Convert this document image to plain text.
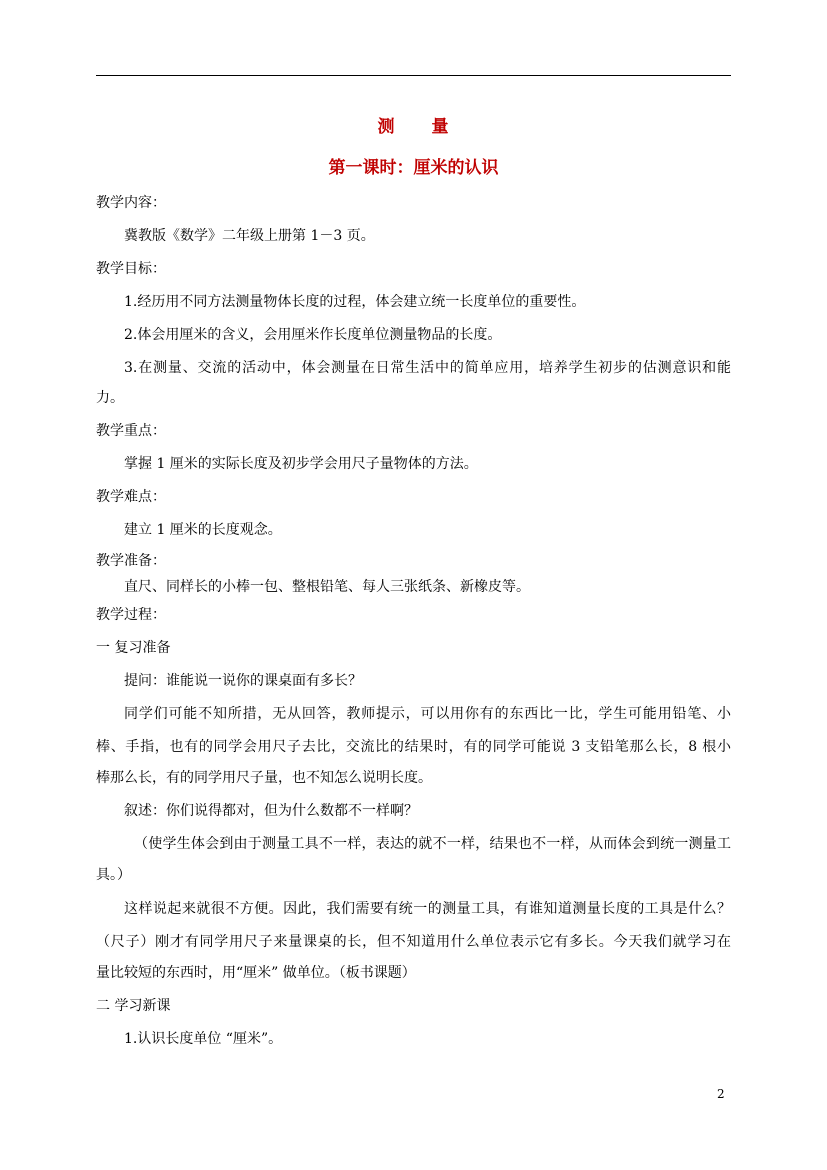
测　　量
第一课时：厘米的认识
教学内容：
冀教版《数学》二年级上册第 1－3 页。
教学目标：
1.经历用不同方法测量物体长度的过程，体会建立统一长度单位的重要性。
2.体会用厘米的含义，会用厘米作长度单位测量物品的长度。
3.在测量、交流的活动中，体会测量在日常生活中的简单应用，培养学生初步的估测意识和能
力。
教学重点：
掌握 1 厘米的实际长度及初步学会用尺子量物体的方法。
教学难点：
建立 1 厘米的长度观念。
教学准备：
直尺、同样长的小棒一包、整根铅笔、每人三张纸条、新橡皮等。
教学过程：
一 复习准备
提问：谁能说一说你的课桌面有多长？
同学们可能不知所措，无从回答，教师提示，可以用你有的东西比一比，学生可能用铅笔、小
棒、手指，也有的同学会用尺子去比，交流比的结果时，有的同学可能说 3 支铅笔那么长，8 根小
棒那么长，有的同学用尺子量，也不知怎么说明长度。
叙述：你们说得都对，但为什么数都不一样啊？
（使学生体会到由于测量工具不一样，表达的就不一样，结果也不一样，从而体会到统一测量工
具。）
这样说起来就很不方便。因此，我们需要有统一的测量工具，有谁知道测量长度的工具是什么？
（尺子）刚才有同学用尺子来量课桌的长，但不知道用什么单位表示它有多长。今天我们就学习在
量比较短的东西时，用“厘米” 做单位。（板书课题）
二 学习新课
1.认识长度单位 “厘米”。
2
